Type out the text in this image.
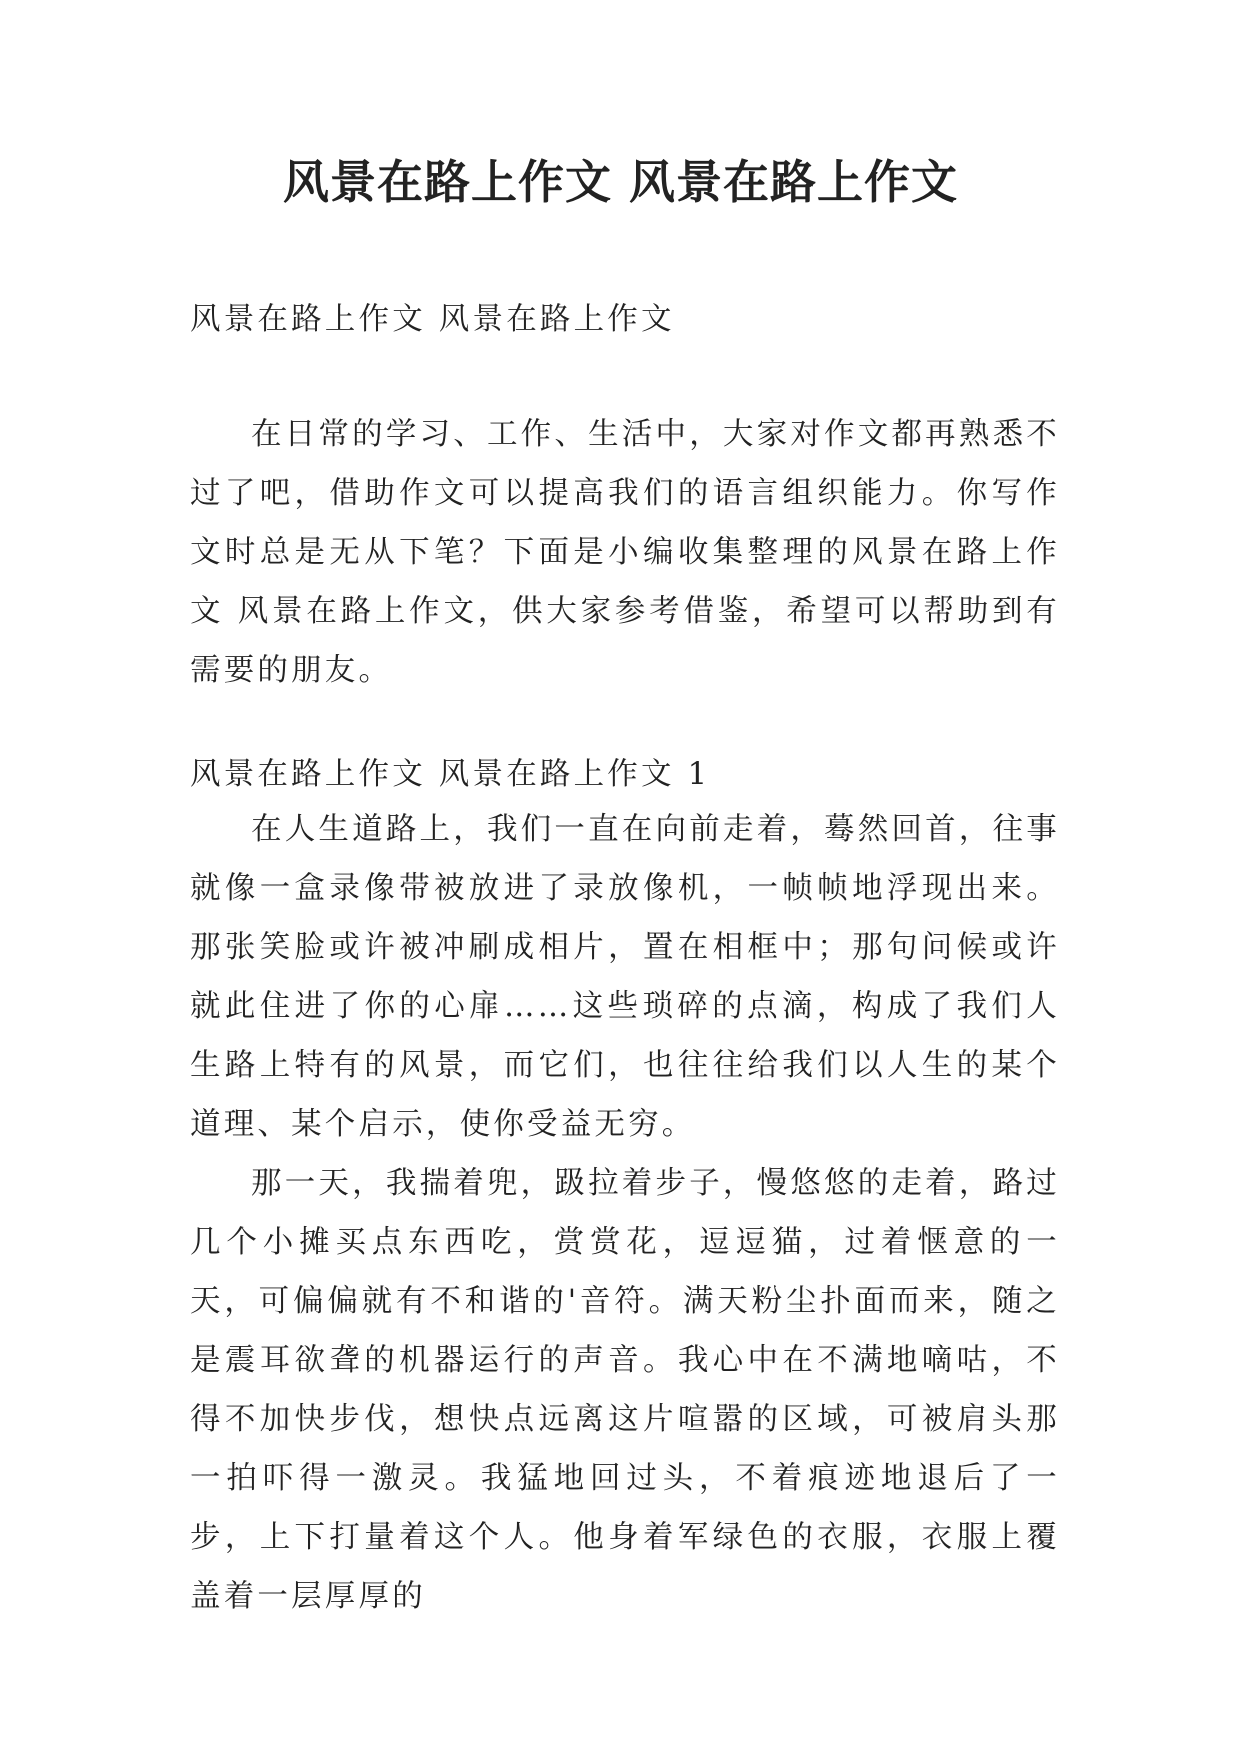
风景在路上作文 风景在路上作文

风景在路上作文 风景在路上作文

在日常的学习、工作、生活中，大家对作文都再熟悉不过了吧，借助作文可以提高我们的语言组织能力。你写作文时总是无从下笔？下面是小编收集整理的风景在路上作文 风景在路上作文，供大家参考借鉴，希望可以帮助到有需要的朋友。

风景在路上作文 风景在路上作文 1

在人生道路上，我们一直在向前走着，蓦然回首，往事就像一盒录像带被放进了录放像机，一帧帧地浮现出来。那张笑脸或许被冲刷成相片，置在相框中；那句问候或许就此住进了你的心扉……这些琐碎的点滴，构成了我们人生路上特有的风景，而它们，也往往给我们以人生的某个道理、某个启示，使你受益无穷。

那一天，我揣着兜，趿拉着步子，慢悠悠的走着，路过几个小摊买点东西吃，赏赏花，逗逗猫，过着惬意的一天，可偏偏就有不和谐的'音符。满天粉尘扑面而来，随之是震耳欲聋的机器运行的声音。我心中在不满地嘀咕，不得不加快步伐，想快点远离这片喧嚣的区域，可被肩头那一拍吓得一激灵。我猛地回过头，不着痕迹地退后了一步，上下打量着这个人。他身着军绿色的衣服，衣服上覆盖着一层厚厚的
